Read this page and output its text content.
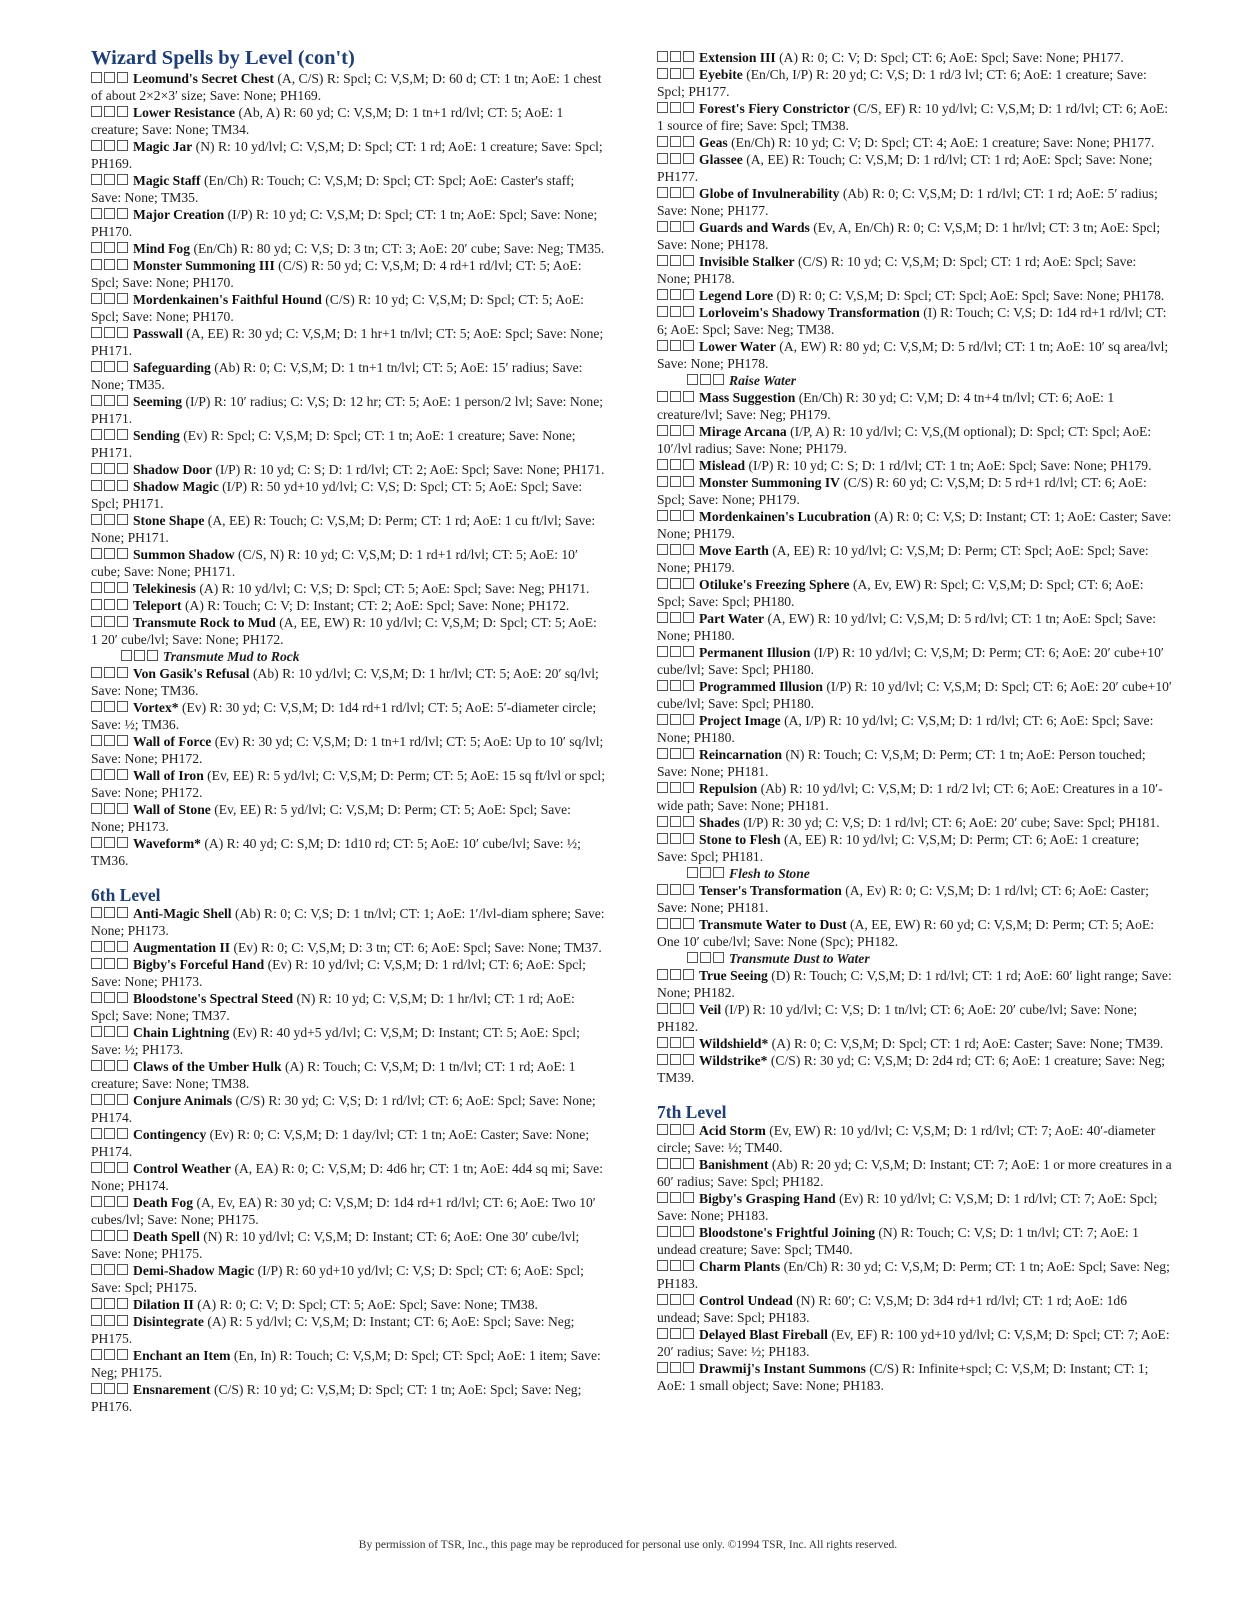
Wizard Spells by Level (con't)

Leomund's Secret Chest (A, C/S) R: Spcl; C: V,S,M; D: 60 d; CT: 1 tn; AoE: 1 chest of about 2×2×3′ size; Save: None; PH169.

Lower Resistance (Ab, A) R: 60 yd; C: V,S,M; D: 1 tn+1 rd/lvl; CT: 5; AoE: 1 creature; Save: None; TM34.

Magic Jar (N) R: 10 yd/lvl; C: V,S,M; D: Spcl; CT: 1 rd; AoE: 1 creature; Save: Spcl; PH169.

Magic Staff (En/Ch) R: Touch; C: V,S,M; D: Spcl; CT: Spcl; AoE: Caster's staff; Save: None; TM35.

Major Creation (I/P) R: 10 yd; C: V,S,M; D: Spcl; CT: 1 tn; AoE: Spcl; Save: None; PH170.

Mind Fog (En/Ch) R: 80 yd; C: V,S; D: 3 tn; CT: 3; AoE: 20′ cube; Save: Neg; TM35.

Monster Summoning III (C/S) R: 50 yd; C: V,S,M; D: 4 rd+1 rd/lvl; CT: 5; AoE: Spcl; Save: None; PH170.

Mordenkainen's Faithful Hound (C/S) R: 10 yd; C: V,S,M; D: Spcl; CT: 5; AoE: Spcl; Save: None; PH170.

Passwall (A, EE) R: 30 yd; C: V,S,M; D: 1 hr+1 tn/lvl; CT: 5; AoE: Spcl; Save: None; PH171.

Safeguarding (Ab) R: 0; C: V,S,M; D: 1 tn+1 tn/lvl; CT: 5; AoE: 15′ radius; Save: None; TM35.

Seeming (I/P) R: 10′ radius; C: V,S; D: 12 hr; CT: 5; AoE: 1 person/2 lvl; Save: None; PH171.

Sending (Ev) R: Spcl; C: V,S,M; D: Spcl; CT: 1 tn; AoE: 1 creature; Save: None; PH171.

Shadow Door (I/P) R: 10 yd; C: S; D: 1 rd/lvl; CT: 2; AoE: Spcl; Save: None; PH171.

Shadow Magic (I/P) R: 50 yd+10 yd/lvl; C: V,S; D: Spcl; CT: 5; AoE: Spcl; Save: Spcl; PH171.

Stone Shape (A, EE) R: Touch; C: V,S,M; D: Perm; CT: 1 rd; AoE: 1 cu ft/lvl; Save: None; PH171.

Summon Shadow (C/S, N) R: 10 yd; C: V,S,M; D: 1 rd+1 rd/lvl; CT: 5; AoE: 10′ cube; Save: None; PH171.

Telekinesis (A) R: 10 yd/lvl; C: V,S; D: Spcl; CT: 5; AoE: Spcl; Save: Neg; PH171.

Teleport (A) R: Touch; C: V; D: Instant; CT: 2; AoE: Spcl; Save: None; PH172.

Transmute Rock to Mud (A, EE, EW) R: 10 yd/lvl; C: V,S,M; D: Spcl; CT: 5; AoE: 1 20′ cube/lvl; Save: None; PH172.

Transmute Mud to Rock

Von Gasik's Refusal (Ab) R: 10 yd/lvl; C: V,S,M; D: 1 hr/lvl; CT: 5; AoE: 20′ sq/lvl; Save: None; TM36.

Vortex* (Ev) R: 30 yd; C: V,S,M; D: 1d4 rd+1 rd/lvl; CT: 5; AoE: 5′-diameter circle; Save: ½; TM36.

Wall of Force (Ev) R: 30 yd; C: V,S,M; D: 1 tn+1 rd/lvl; CT: 5; AoE: Up to 10′ sq/lvl; Save: None; PH172.

Wall of Iron (Ev, EE) R: 5 yd/lvl; C: V,S,M; D: Perm; CT: 5; AoE: 15 sq ft/lvl or spcl; Save: None; PH172.

Wall of Stone (Ev, EE) R: 5 yd/lvl; C: V,S,M; D: Perm; CT: 5; AoE: Spcl; Save: None; PH173.

Waveform* (A) R: 40 yd; C: S,M; D: 1d10 rd; CT: 5; AoE: 10′ cube/lvl; Save: ½; TM36.

6th Level

Anti-Magic Shell (Ab) R: 0; C: V,S; D: 1 tn/lvl; CT: 1; AoE: 1′/lvl-diam sphere; Save: None; PH173.

Augmentation II (Ev) R: 0; C: V,S,M; D: 3 tn; CT: 6; AoE: Spcl; Save: None; TM37.

Bigby's Forceful Hand (Ev) R: 10 yd/lvl; C: V,S,M; D: 1 rd/lvl; CT: 6; AoE: Spcl; Save: None; PH173.

Bloodstone's Spectral Steed (N) R: 10 yd; C: V,S,M; D: 1 hr/lvl; CT: 1 rd; AoE: Spcl; Save: None; TM37.

Chain Lightning (Ev) R: 40 yd+5 yd/lvl; C: V,S,M; D: Instant; CT: 5; AoE: Spcl; Save: ½; PH173.

Claws of the Umber Hulk (A) R: Touch; C: V,S,M; D: 1 tn/lvl; CT: 1 rd; AoE: 1 creature; Save: None; TM38.

Conjure Animals (C/S) R: 30 yd; C: V,S; D: 1 rd/lvl; CT: 6; AoE: Spcl; Save: None; PH174.

Contingency (Ev) R: 0; C: V,S,M; D: 1 day/lvl; CT: 1 tn; AoE: Caster; Save: None; PH174.

Control Weather (A, EA) R: 0; C: V,S,M; D: 4d6 hr; CT: 1 tn; AoE: 4d4 sq mi; Save: None; PH174.

Death Fog (A, Ev, EA) R: 30 yd; C: V,S,M; D: 1d4 rd+1 rd/lvl; CT: 6; AoE: Two 10′ cubes/lvl; Save: None; PH175.

Death Spell (N) R: 10 yd/lvl; C: V,S,M; D: Instant; CT: 6; AoE: One 30′ cube/lvl; Save: None; PH175.

Demi-Shadow Magic (I/P) R: 60 yd+10 yd/lvl; C: V,S; D: Spcl; CT: 6; AoE: Spcl; Save: Spcl; PH175.

Dilation II (A) R: 0; C: V; D: Spcl; CT: 5; AoE: Spcl; Save: None; TM38.

Disintegrate (A) R: 5 yd/lvl; C: V,S,M; D: Instant; CT: 6; AoE: Spcl; Save: Neg; PH175.

Enchant an Item (En, In) R: Touch; C: V,S,M; D: Spcl; CT: Spcl; AoE: 1 item; Save: Neg; PH175.

Ensnarement (C/S) R: 10 yd; C: V,S,M; D: Spcl; CT: 1 tn; AoE: Spcl; Save: Neg; PH176.

Extension III (A) R: 0; C: V; D: Spcl; CT: 6; AoE: Spcl; Save: None; PH177.

Eyebite (En/Ch, I/P) R: 20 yd; C: V,S; D: 1 rd/3 lvl; CT: 6; AoE: 1 creature; Save: Spcl; PH177.

Forest's Fiery Constrictor (C/S, EF) R: 10 yd/lvl; C: V,S,M; D: 1 rd/lvl; CT: 6; AoE: 1 source of fire; Save: Spcl; TM38.

Geas (En/Ch) R: 10 yd; C: V; D: Spcl; CT: 4; AoE: 1 creature; Save: None; PH177.

Glassee (A, EE) R: Touch; C: V,S,M; D: 1 rd/lvl; CT: 1 rd; AoE: Spcl; Save: None; PH177.

Globe of Invulnerability (Ab) R: 0; C: V,S,M; D: 1 rd/lvl; CT: 1 rd; AoE: 5′ radius; Save: None; PH177.

Guards and Wards (Ev, A, En/Ch) R: 0; C: V,S,M; D: 1 hr/lvl; CT: 3 tn; AoE: Spcl; Save: None; PH178.

Invisible Stalker (C/S) R: 10 yd; C: V,S,M; D: Spcl; CT: 1 rd; AoE: Spcl; Save: None; PH178.

Legend Lore (D) R: 0; C: V,S,M; D: Spcl; CT: Spcl; AoE: Spcl; Save: None; PH178.

Lorloveim's Shadowy Transformation (I) R: Touch; C: V,S; D: 1d4 rd+1 rd/lvl; CT: 6; AoE: Spcl; Save: Neg; TM38.

Lower Water (A, EW) R: 80 yd; C: V,S,M; D: 5 rd/lvl; CT: 1 tn; AoE: 10′ sq area/lvl; Save: None; PH178.

Raise Water

Mass Suggestion (En/Ch) R: 30 yd; C: V,M; D: 4 tn+4 tn/lvl; CT: 6; AoE: 1 creature/lvl; Save: Neg; PH179.

Mirage Arcana (I/P, A) R: 10 yd/lvl; C: V,S,(M optional); D: Spcl; CT: Spcl; AoE: 10′/lvl radius; Save: None; PH179.

Mislead (I/P) R: 10 yd; C: S; D: 1 rd/lvl; CT: 1 tn; AoE: Spcl; Save: None; PH179.

Monster Summoning IV (C/S) R: 60 yd; C: V,S,M; D: 5 rd+1 rd/lvl; CT: 6; AoE: Spcl; Save: None; PH179.

Mordenkainen's Lucubration (A) R: 0; C: V,S; D: Instant; CT: 1; AoE: Caster; Save: None; PH179.

Move Earth (A, EE) R: 10 yd/lvl; C: V,S,M; D: Perm; CT: Spcl; AoE: Spcl; Save: None; PH179.

Otiluke's Freezing Sphere (A, Ev, EW) R: Spcl; C: V,S,M; D: Spcl; CT: 6; AoE: Spcl; Save: Spcl; PH180.

Part Water (A, EW) R: 10 yd/lvl; C: V,S,M; D: 5 rd/lvl; CT: 1 tn; AoE: Spcl; Save: None; PH180.

Permanent Illusion (I/P) R: 10 yd/lvl; C: V,S,M; D: Perm; CT: 6; AoE: 20′ cube+10′ cube/lvl; Save: Spcl; PH180.

Programmed Illusion (I/P) R: 10 yd/lvl; C: V,S,M; D: Spcl; CT: 6; AoE: 20′ cube+10′ cube/lvl; Save: Spcl; PH180.

Project Image (A, I/P) R: 10 yd/lvl; C: V,S,M; D: 1 rd/lvl; CT: 6; AoE: Spcl; Save: None; PH180.

Reincarnation (N) R: Touch; C: V,S,M; D: Perm; CT: 1 tn; AoE: Person touched; Save: None; PH181.

Repulsion (Ab) R: 10 yd/lvl; C: V,S,M; D: 1 rd/2 lvl; CT: 6; AoE: Creatures in a 10′-wide path; Save: None; PH181.

Shades (I/P) R: 30 yd; C: V,S; D: 1 rd/lvl; CT: 6; AoE: 20′ cube; Save: Spcl; PH181.

Stone to Flesh (A, EE) R: 10 yd/lvl; C: V,S,M; D: Perm; CT: 6; AoE: 1 creature; Save: Spcl; PH181.

Flesh to Stone

Tenser's Transformation (A, Ev) R: 0; C: V,S,M; D: 1 rd/lvl; CT: 6; AoE: Caster; Save: None; PH181.

Transmute Water to Dust (A, EE, EW) R: 60 yd; C: V,S,M; D: Perm; CT: 5; AoE: One 10′ cube/lvl; Save: None (Spc); PH182.

Transmute Dust to Water

True Seeing (D) R: Touch; C: V,S,M; D: 1 rd/lvl; CT: 1 rd; AoE: 60′ light range; Save: None; PH182.

Veil (I/P) R: 10 yd/lvl; C: V,S; D: 1 tn/lvl; CT: 6; AoE: 20′ cube/lvl; Save: None; PH182.

Wildshield* (A) R: 0; C: V,S,M; D: Spcl; CT: 1 rd; AoE: Caster; Save: None; TM39.

Wildstrike* (C/S) R: 30 yd; C: V,S,M; D: 2d4 rd; CT: 6; AoE: 1 creature; Save: Neg; TM39.

7th Level

Acid Storm (Ev, EW) R: 10 yd/lvl; C: V,S,M; D: 1 rd/lvl; CT: 7; AoE: 40′-diameter circle; Save: ½; TM40.

Banishment (Ab) R: 20 yd; C: V,S,M; D: Instant; CT: 7; AoE: 1 or more creatures in a 60′ radius; Save: Spcl; PH182.

Bigby's Grasping Hand (Ev) R: 10 yd/lvl; C: V,S,M; D: 1 rd/lvl; CT: 7; AoE: Spcl; Save: None; PH183.

Bloodstone's Frightful Joining (N) R: Touch; C: V,S; D: 1 tn/lvl; CT: 7; AoE: 1 undead creature; Save: Spcl; TM40.

Charm Plants (En/Ch) R: 30 yd; C: V,S,M; D: Perm; CT: 1 tn; AoE: Spcl; Save: Neg; PH183.

Control Undead (N) R: 60′; C: V,S,M; D: 3d4 rd+1 rd/lvl; CT: 1 rd; AoE: 1d6 undead; Save: Spcl; PH183.

Delayed Blast Fireball (Ev, EF) R: 100 yd+10 yd/lvl; C: V,S,M; D: Spcl; CT: 7; AoE: 20′ radius; Save: ½; PH183.

Drawmij's Instant Summons (C/S) R: Infinite+spcl; C: V,S,M; D: Instant; CT: 1; AoE: 1 small object; Save: None; PH183.

By permission of TSR, Inc., this page may be reproduced for personal use only. ©1994 TSR, Inc. All rights reserved.
